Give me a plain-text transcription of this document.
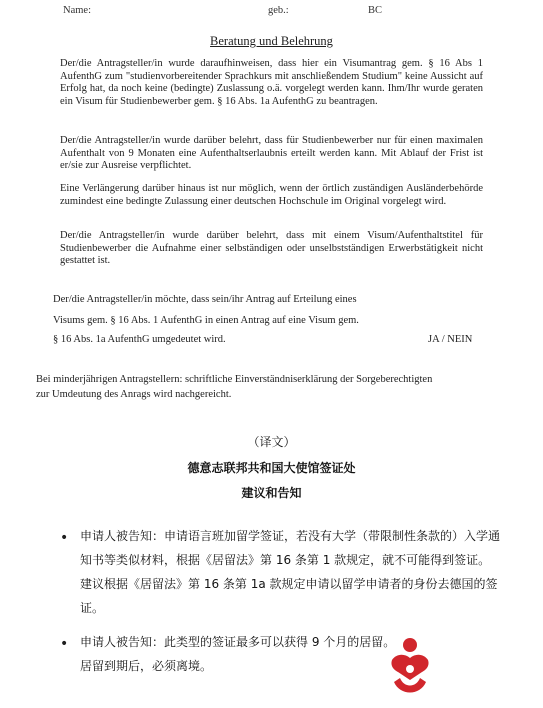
Name:	geb.:	BC
Beratung und Belehrung
Der/die Antragsteller/in wurde daraufhinweisen, dass hier ein Visumantrag gem. § 16 Abs 1 AufenthG zum "studienvorbereitender Sprachkurs mit anschließendem Studium" keine Aussicht auf Erfolg hat, da noch keine (bedingte) Zuslassung o.ä. vorgelegt werden kann. Ihm/Ihr wurde geraten ein Visum für Studienbewerber gem. § 16 Abs. 1a AufenthG zu beantragen.
Der/die Antragsteller/in wurde darüber belehrt, dass für Studienbewerber nur für einen maximalen Aufenthalt von 9 Monaten eine Aufenthaltserlaubnis erteilt werden kann. Mit Ablauf der Frist ist er/sie zur Ausreise verpflichtet.
Eine Verlängerung darüber hinaus ist nur möglich, wenn der örtlich zuständigen Ausländerbehörde zumindest eine bedingte Zulassung einer deutschen Hochschule im Original vorgelegt wird.
Der/die Antragsteller/in wurde darüber belehrt, dass mit einem Visum/Aufenthaltstitel für Studienbewerber die Aufnahme einer selbständigen oder unselbstständigen Erwerbstätigkeit nicht gestattet ist.
Der/die Antragsteller/in möchte, dass sein/ihr Antrag auf Erteilung eines
Visums gem. § 16 Abs. 1 AufenthG in einen Antrag auf eine Visum gem.
§ 16 Abs. 1a AufenthG umgedeutet wird.	JA / NEIN
Bei minderjährigen Antragstellern: schriftliche Einverständniserklärung der Sorgeberechtigten
zur Umdeutung des Anrags wird nachgereicht.
（译文）
德意志联邦共和国大使馆签证处
建议和告知
• 申请人被告知：申请语言班加留学签证，若没有大学（带限制性条款的）入学通知书等类似材料，根据《居留法》第 16 条第 1 款规定，就不可能得到签证。建议根据《居留法》第 16 条第 1a 款规定申请以留学申请者的身份去德国的签证。
• 申请人被告知：此类型的签证最多可以获得 9 个月的居留。居留到期后，必须离境。
